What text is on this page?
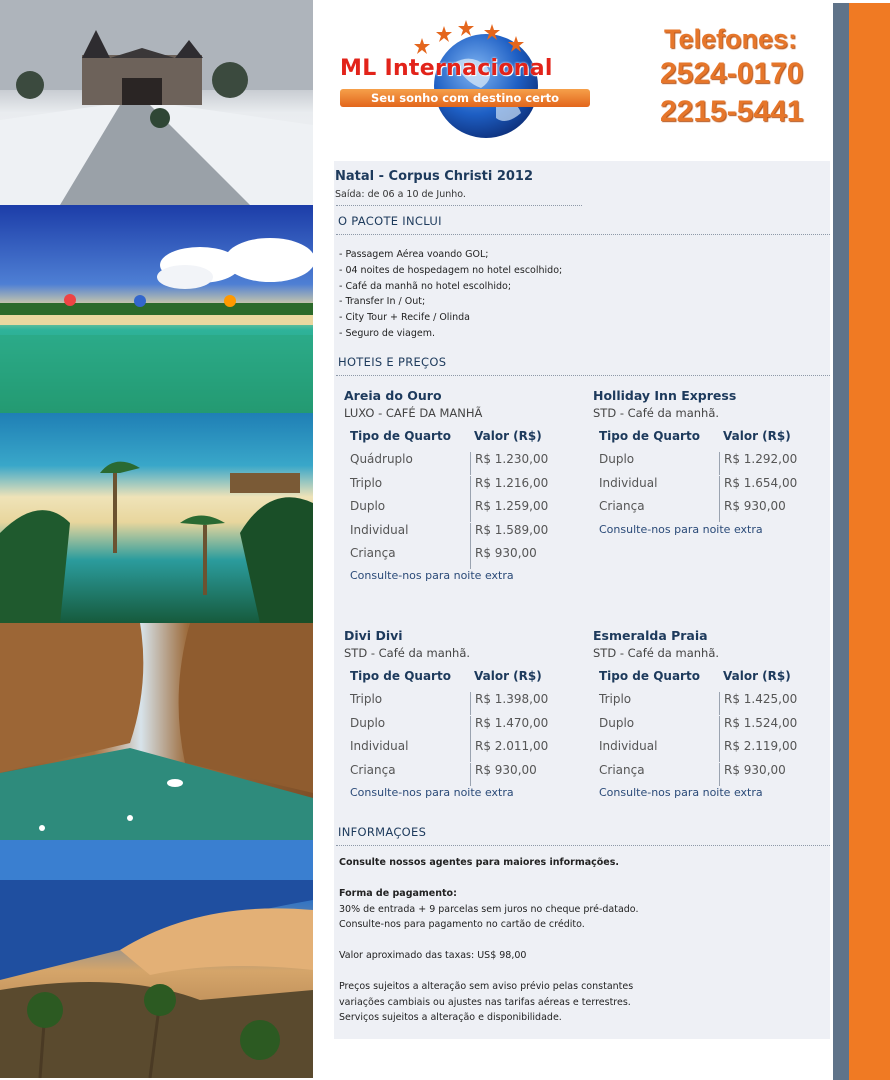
ML Internacional
Seu sonho com destino certo
Telefones:
2524-0170
2215-5441
Natal - Corpus Christi 2012
Saída: de 06 a 10 de Junho.
O PACOTE INCLUI
- Passagem Aérea voando GOL;
- 04 noites de hospedagem no hotel escolhido;
- Café da manhã no hotel escolhido;
- Transfer In / Out;
- City Tour + Recife / Olinda
- Seguro de viagem.
HOTEIS E PREÇOS
Areia do Ouro
LUXO - CAFÉ DA MANHÃ
Tipo de Quarto	Valor (R$)
Quádruplo	R$ 1.230,00
Triplo	R$ 1.216,00
Duplo	R$ 1.259,00
Individual	R$ 1.589,00
Criança	R$ 930,00
Consulte-nos para noite extra
Holliday Inn Express
STD - Café da manhã.
Tipo de Quarto	Valor (R$)
Duplo	R$ 1.292,00
Individual	R$ 1.654,00
Criança	R$ 930,00
Consulte-nos para noite extra
Divi Divi
STD - Café da manhã.
Tipo de Quarto	Valor (R$)
Triplo	R$ 1.398,00
Duplo	R$ 1.470,00
Individual	R$ 2.011,00
Criança	R$ 930,00
Consulte-nos para noite extra
Esmeralda Praia
STD - Café da manhã.
Tipo de Quarto	Valor (R$)
Triplo	R$ 1.425,00
Duplo	R$ 1.524,00
Individual	R$ 2.119,00
Criança	R$ 930,00
Consulte-nos para noite extra
INFORMAÇOES
Consulte nossos agentes para maiores informações.
Forma de pagamento:
30% de entrada + 9 parcelas sem juros no cheque pré-datado.
Consulte-nos para pagamento no cartão de crédito.
Valor aproximado das taxas: US$ 98,00
Preços sujeitos a alteração sem aviso prévio pelas constantes
variações cambiais ou ajustes nas tarifas aéreas e terrestres.
Serviços sujeitos a alteração e disponibilidade.
